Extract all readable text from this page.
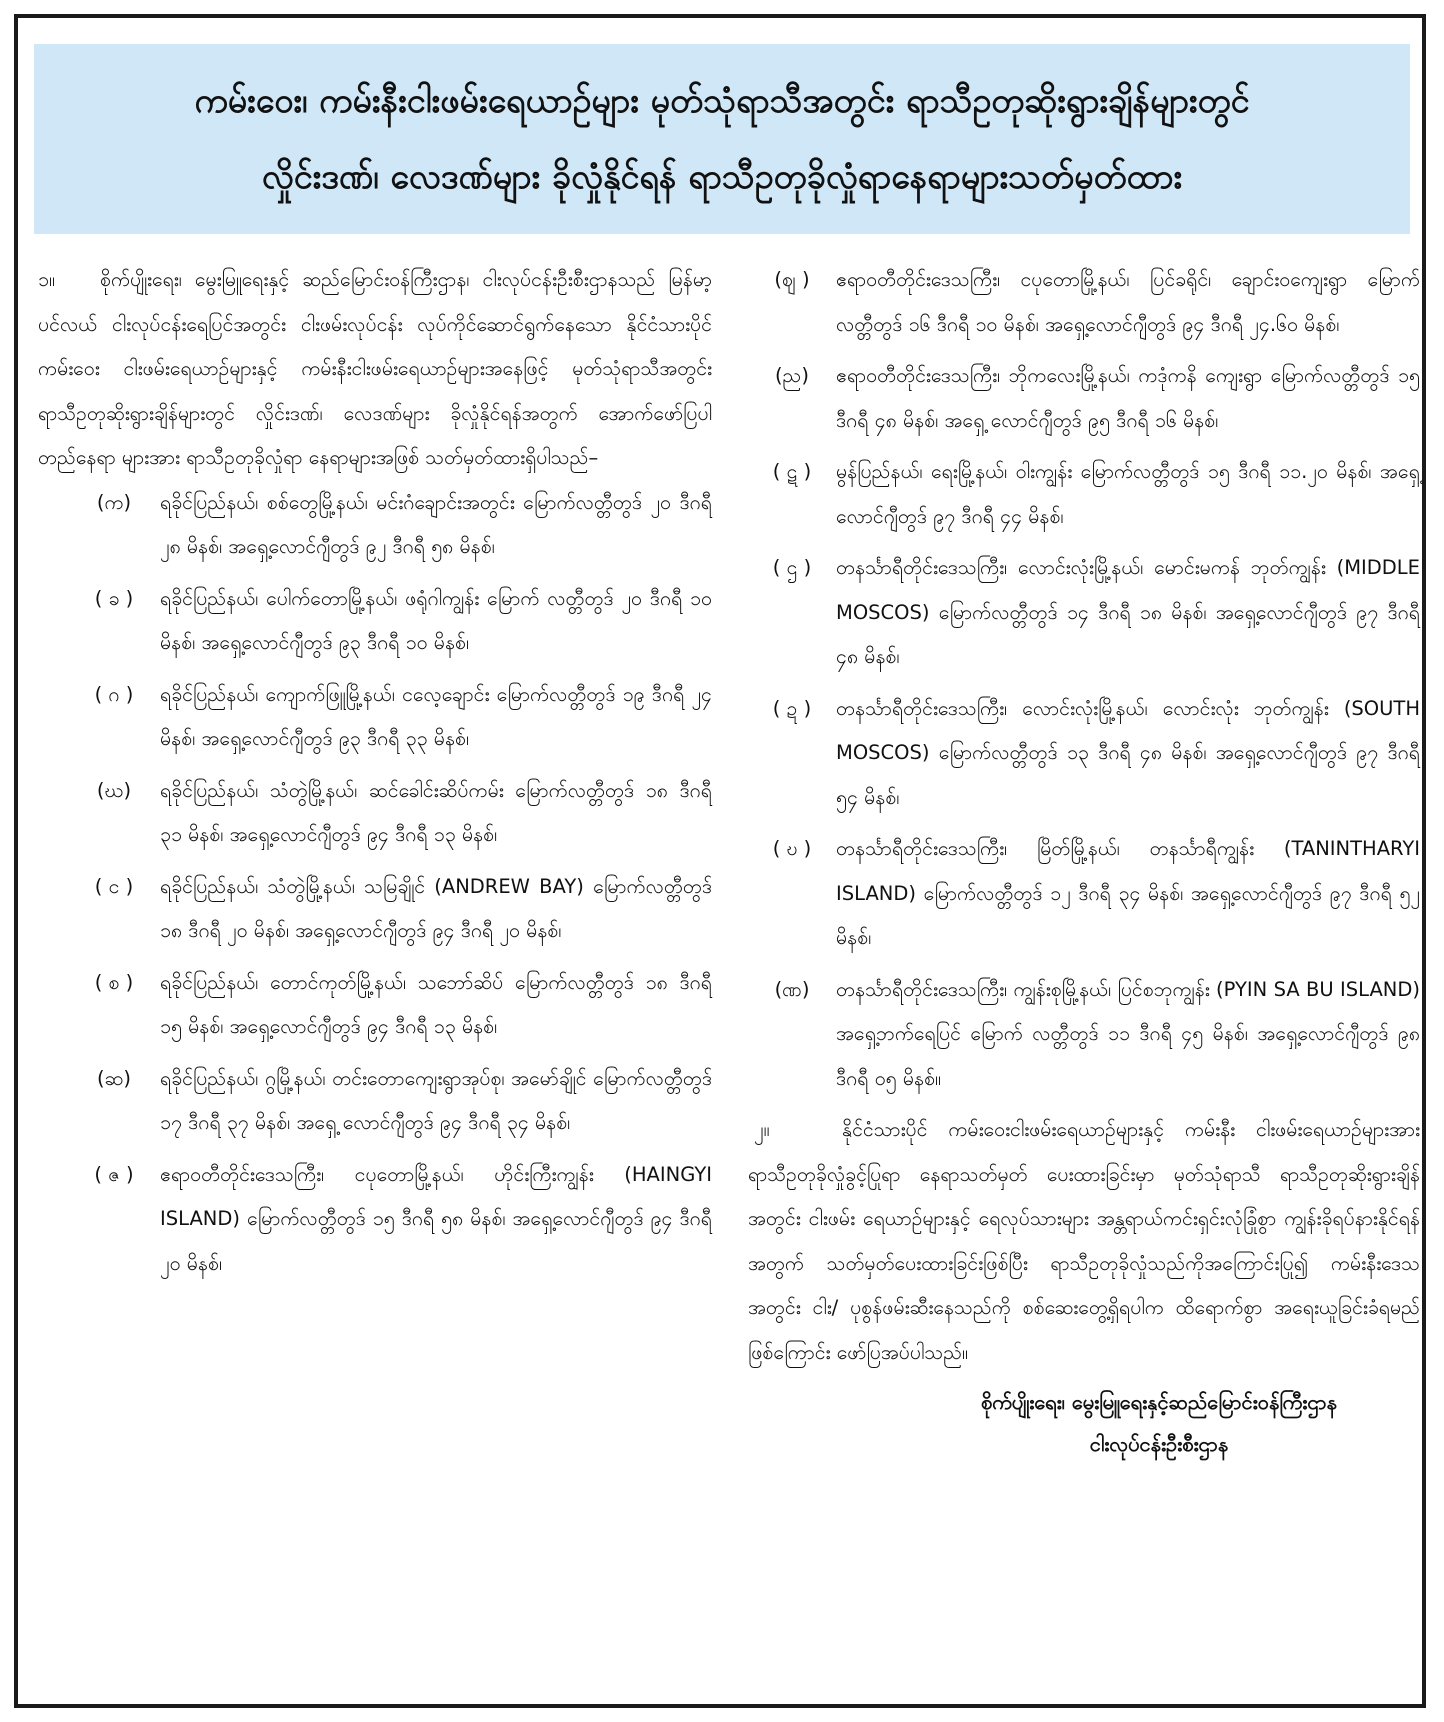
ကမ်းဝေး၊ ကမ်းနီးငါးဖမ်းရေယာဉ်များ မုတ်သုံရာသီအတွင်း ရာသီဥတုဆိုးရွားချိန်များတွင်
လှိုင်းဒဏ်၊ လေဒဏ်များ ခိုလှုံနိုင်ရန် ရာသီဥတုခိုလှုံရာနေရာများသတ်မှတ်ထား

၁။ စိုက်ပျိုးရေး၊ မွေးမြူရေးနှင့် ဆည်မြောင်းဝန်ကြီးဌာန၊ ငါးလုပ်ငန်းဦးစီးဌာနသည် မြန်မာ့ပင်လယ် ငါးလုပ်ငန်းရေပြင်အတွင်း ငါးဖမ်းလုပ်ငန်း လုပ်ကိုင်ဆောင်ရွက်နေသော နိုင်ငံသားပိုင် ကမ်းဝေး ငါးဖမ်းရေယာဉ်များနှင့် ကမ်းနီးငါးဖမ်းရေယာဉ်များအနေဖြင့် မုတ်သုံရာသီအတွင်း ရာသီဥတုဆိုးရွားချိန်များတွင် လှိုင်းဒဏ်၊ လေဒဏ်များ ခိုလှုံနိုင်ရန်အတွက် အောက်ဖော်ပြပါ တည်နေရာ များအား ရာသီဥတုခိုလှုံရာ နေရာများအဖြစ် သတ်မှတ်ထားရှိပါသည်–

(က)	ရခိုင်ပြည်နယ်၊ စစ်တွေမြို့နယ်၊ မင်းဂံချောင်းအတွင်း မြောက်လတ္တီတွဒ် ၂၀ ဒီဂရီ ၂၈ မိနစ်၊ အရှေ့လောင်ဂျီတွဒ် ၉၂ ဒီဂရီ ၅၈ မိနစ်၊
( ခ )	ရခိုင်ပြည်နယ်၊ ပေါက်တောမြို့နယ်၊ ဖရုံဂါကျွန်း မြောက် လတ္တီတွဒ် ၂၀ ဒီဂရီ ၁၀ မိနစ်၊ အရှေ့လောင်ဂျီတွဒ် ၉၃ ဒီဂရီ ၁၀ မိနစ်၊
( ဂ )	ရခိုင်ပြည်နယ်၊ ကျောက်ဖြူမြို့နယ်၊ ငလေ့ချောင်း မြောက်လတ္တီတွဒ် ၁၉ ဒီဂရီ ၂၄ မိနစ်၊ အရှေ့လောင်ဂျီတွဒ် ၉၃ ဒီဂရီ ၃၃ မိနစ်၊
(ဃ)	ရခိုင်ပြည်နယ်၊ သံတွဲမြို့နယ်၊ ဆင်ခေါင်းဆိပ်ကမ်း မြောက်လတ္တီတွဒ် ၁၈ ဒီဂရီ ၃၁ မိနစ်၊ အရှေ့လောင်ဂျီတွဒ် ၉၄ ဒီဂရီ ၁၃ မိနစ်၊
( င )	ရခိုင်ပြည်နယ်၊ သံတွဲမြို့နယ်၊ သမြချိုင် (ANDREW BAY) မြောက်လတ္တီတွဒ် ၁၈ ဒီဂရီ ၂၀ မိနစ်၊ အရှေ့လောင်ဂျီတွဒ် ၉၄ ဒီဂရီ ၂၀ မိနစ်၊
( စ )	ရခိုင်ပြည်နယ်၊ တောင်ကုတ်မြို့နယ်၊ သဘော်ဆိပ် မြောက်လတ္တီတွဒ် ၁၈ ဒီဂရီ ၁၅ မိနစ်၊ အရှေ့လောင်ဂျီတွဒ် ၉၄ ဒီဂရီ ၁၃ မိနစ်၊
(ဆ)	ရခိုင်ပြည်နယ်၊ ဂွမြို့နယ်၊ တင်းတောကျေးရွာအုပ်စု၊ အမော်ချိုင် မြောက်လတ္တီတွဒ် ၁၇ ဒီဂရီ ၃၇ မိနစ်၊ အရှေ့ လောင်ဂျီတွဒ် ၉၄ ဒီဂရီ ၃၄ မိနစ်၊
( ဇ )	ဧရာဝတီတိုင်းဒေသကြီး၊ ငပုတောမြို့နယ်၊ ဟိုင်းကြီးကျွန်း (HAINGYI ISLAND) မြောက်လတ္တီတွဒ် ၁၅ ဒီဂရီ ၅၈ မိနစ်၊ အရှေ့လောင်ဂျီတွဒ် ၉၄ ဒီဂရီ ၂၀ မိနစ်၊
(ဈ )	ဧရာဝတီတိုင်းဒေသကြီး၊ ငပုတောမြို့နယ်၊ ပြင်ခရိုင်၊ ချောင်းဝကျေးရွာ မြောက်လတ္တီတွဒ် ၁၆ ဒီဂရီ ၁၀ မိနစ်၊ အရှေ့လောင်ဂျီတွဒ် ၉၄ ဒီဂရီ ၂၄.၆၀ မိနစ်၊
(ည)	ဧရာဝတီတိုင်းဒေသကြီး၊ ဘိုကလေးမြို့နယ်၊ ကဒုံကနိ ကျေးရွာ မြောက်လတ္တီတွဒ် ၁၅ ဒီဂရီ ၄၈ မိနစ်၊ အရှေ့ လောင်ဂျီတွဒ် ၉၅ ဒီဂရီ ၁၆ မိနစ်၊
( ဋ )	မွန်ပြည်နယ်၊ ရေးမြို့နယ်၊ ဝါးကျွန်း မြောက်လတ္တီတွဒ် ၁၅ ဒီဂရီ ၁၁.၂၀ မိနစ်၊ အရှေ့လောင်ဂျီတွဒ် ၉၇ ဒီဂရီ ၄၄ မိနစ်၊
( ဌ )	တနင်္သာရီတိုင်းဒေသကြီး၊ လောင်းလုံးမြို့နယ်၊ မောင်းမကန် ဘုတ်ကျွန်း (MIDDLE MOSCOS) မြောက်လတ္တီတွဒ် ၁၄ ဒီဂရီ ၁၈ မိနစ်၊ အရှေ့လောင်ဂျီတွဒ် ၉၇ ဒီဂရီ ၄၈ မိနစ်၊
( ဍ )	တနင်္သာရီတိုင်းဒေသကြီး၊ လောင်းလုံးမြို့နယ်၊ လောင်းလုံး ဘုတ်ကျွန်း (SOUTH MOSCOS) မြောက်လတ္တီတွဒ် ၁၃ ဒီဂရီ ၄၈ မိနစ်၊ အရှေ့လောင်ဂျီတွဒ် ၉၇ ဒီဂရီ ၅၄ မိနစ်၊
( ဎ )	တနင်္သာရီတိုင်းဒေသကြီး၊ မြိတ်မြို့နယ်၊ တနင်္သာရီကျွန်း (TANINTHARYI ISLAND) မြောက်လတ္တီတွဒ် ၁၂ ဒီဂရီ ၃၄ မိနစ်၊ အရှေ့လောင်ဂျီတွဒ် ၉၇ ဒီဂရီ ၅၂ မိနစ်၊
(ဏ)	တနင်္သာရီတိုင်းဒေသကြီး၊ ကျွန်းစုမြို့နယ်၊ ပြင်စဘုကျွန်း (PYIN SA BU ISLAND) အရှေ့ဘက်ရေပြင် မြောက် လတ္တီတွဒ် ၁၁ ဒီဂရီ ၄၅ မိနစ်၊ အရှေ့လောင်ဂျီတွဒ် ၉၈ ဒီဂရီ ၀၅ မိနစ်။

၂။	နိုင်ငံသားပိုင် ကမ်းဝေးငါးဖမ်းရေယာဉ်များနှင့် ကမ်းနီး ငါးဖမ်းရေယာဉ်များအား ရာသီဥတုခိုလှုံခွင့်ပြုရာ နေရာသတ်မှတ် ပေးထားခြင်းမှာ မုတ်သုံရာသီ ရာသီဥတုဆိုးရွားချိန်အတွင်း ငါးဖမ်း ရေယာဉ်များနှင့် ရေလုပ်သားများ အန္တရာယ်ကင်းရှင်းလုံခြုံစွာ ကျွန်းခိုရပ်နားနိုင်ရန်အတွက် သတ်မှတ်ပေးထားခြင်းဖြစ်ပြီး ရာသီဥတုခိုလှုံသည်ကိုအကြောင်းပြု၍ ကမ်းနီးဒေသအတွင်း ငါး/ ပုစွန်ဖမ်းဆီးနေသည်ကို စစ်ဆေးတွေ့ရှိရပါက ထိရောက်စွာ အရေးယူခြင်းခံရမည်ဖြစ်ကြောင်း ဖော်ပြအပ်ပါသည်။

စိုက်ပျိုးရေး၊ မွေးမြူရေးနှင့်ဆည်မြောင်းဝန်ကြီးဌာန
ငါးလုပ်ငန်းဦးစီးဌာန
